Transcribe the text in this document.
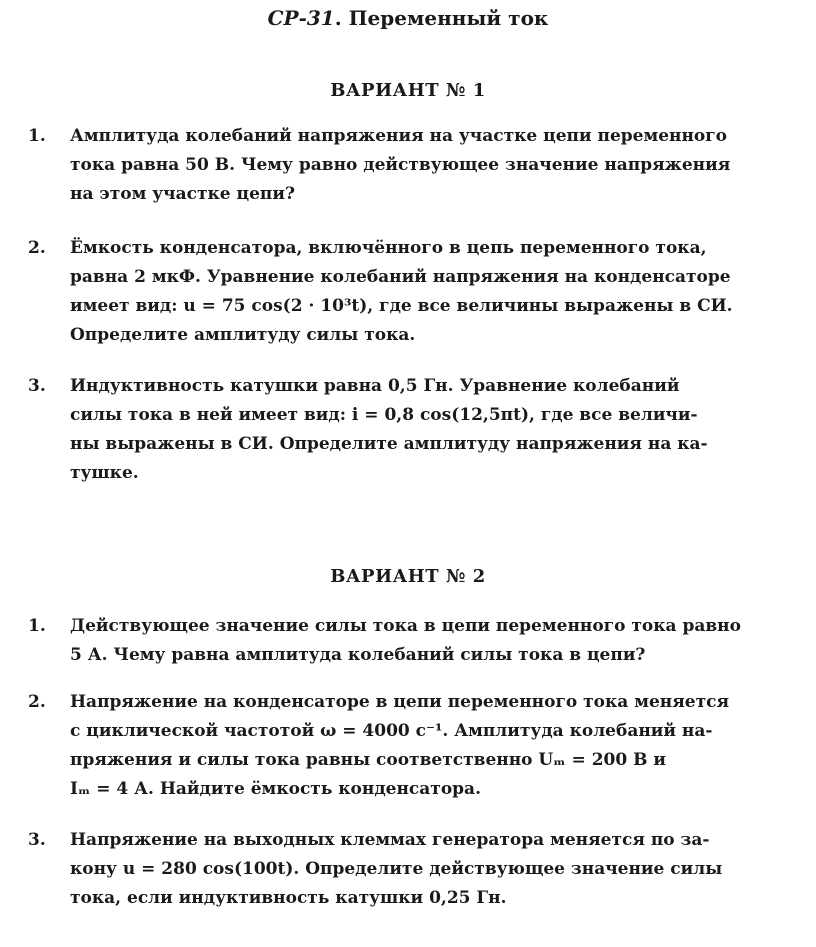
СР-31. Переменный ток
ВАРИАНТ № 1
1.	Амплитуда колебаний напряжения на участке цепи переменного
тока равна 50 В. Чему равно действующее значение напряжения
на этом участке цепи?
2.	Ёмкость конденсатора, включённого в цепь переменного тока,
равна 2 мкФ. Уравнение колебаний напряжения на конденсаторе
имеет вид: u = 75 cos(2 · 10³t), где все величины выражены в СИ.
Определите амплитуду силы тока.
3.	Индуктивность катушки равна 0,5 Гн. Уравнение колебаний
силы тока в ней имеет вид: i = 0,8 cos(12,5πt), где все величи-
ны выражены в СИ. Определите амплитуду напряжения на ка-
тушке.
ВАРИАНТ № 2
1.	Действующее значение силы тока в цепи переменного тока равно
5 А. Чему равна амплитуда колебаний силы тока в цепи?
2.	Напряжение на конденсаторе в цепи переменного тока меняется
с циклической частотой ω = 4000 с⁻¹. Амплитуда колебаний на-
пряжения и силы тока равны соответственно Uₘ = 200 В и
Iₘ = 4 А. Найдите ёмкость конденсатора.
3.	Напряжение на выходных клеммах генератора меняется по за-
кону u = 280 cos(100t). Определите действующее значение силы
тока, если индуктивность катушки 0,25 Гн.
